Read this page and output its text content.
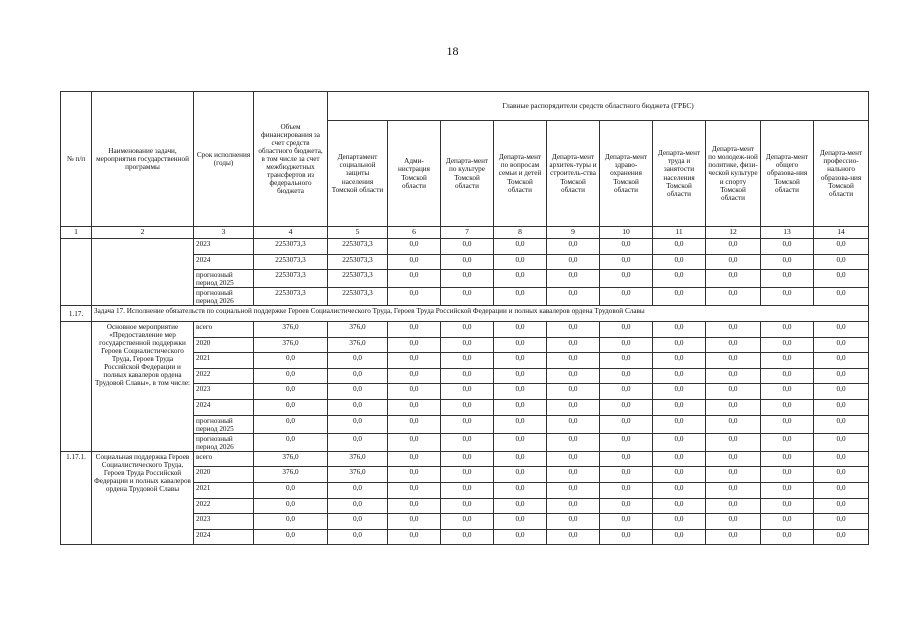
18
№ п/п	Наименование задачи, мероприятия государственной программы	Срок исполнения (годы)	Объем финансирования за счет средств областного бюджета, в том числе за счет межбюджетных трансфертов из федерального бюджета	Главные распорядители средств областного бюджета (ГРБС)									
				Департамент социальной защиты населения Томской области	Адми-нистрация Томской области	Департа-мент по культуре Томской области	Департа-мент по вопросам семьи и детей Томской области	Департа-мент архитек-туры и строитель-ства Томской области	Департа-мент здраво-охранения Томской области	Департа-мент труда и занятости населения Томской области	Департа-мент по молодеж-ной политике, физи-ческой культуре и спорту Томской области	Департа-мент общего образова-ния Томской области	Департа-мент профессио-нального образова-ния Томской области
1	2	3	4	5	6	7	8	9	10	11	12	13	14
		2023	2253073,3	2253073,3	0,0	0,0	0,0	0,0	0,0	0,0	0,0	0,0	0,0
		2024	2253073,3	2253073,3	0,0	0,0	0,0	0,0	0,0	0,0	0,0	0,0	0,0
		прогнозный период 2025	2253073,3	2253073,3	0,0	0,0	0,0	0,0	0,0	0,0	0,0	0,0	0,0
		прогнозный период 2026	2253073,3	2253073,3	0,0	0,0	0,0	0,0	0,0	0,0	0,0	0,0	0,0
1.17.	Задача 17. Исполнение обязательств по социальной поддержке Героев Социалистического Труда, Героев Труда Российской Федерации и полных кавалеров ордена Трудовой Славы												
	Основное мероприятие «Предоставление мер государственной поддержки Героев Социалистического Труда, Героев Труда Российской Федерации и полных кавалеров ордена Трудовой Славы», в том числе:	всего	376,0	376,0	0,0	0,0	0,0	0,0	0,0	0,0	0,0	0,0	0,0
		2020	376,0	376,0	0,0	0,0	0,0	0,0	0,0	0,0	0,0	0,0	0,0
		2021	0,0	0,0	0,0	0,0	0,0	0,0	0,0	0,0	0,0	0,0	0,0
		2022	0,0	0,0	0,0	0,0	0,0	0,0	0,0	0,0	0,0	0,0	0,0
		2023	0,0	0,0	0,0	0,0	0,0	0,0	0,0	0,0	0,0	0,0	0,0
		2024	0,0	0,0	0,0	0,0	0,0	0,0	0,0	0,0	0,0	0,0	0,0
		прогнозный период 2025	0,0	0,0	0,0	0,0	0,0	0,0	0,0	0,0	0,0	0,0	0,0
		прогнозный период 2026	0,0	0,0	0,0	0,0	0,0	0,0	0,0	0,0	0,0	0,0	0,0
1.17.1.	Социальная поддержка Героев Социалистического Труда, Героев Труда Российской Федерации и полных кавалеров ордена Трудовой Славы	всего	376,0	376,0	0,0	0,0	0,0	0,0	0,0	0,0	0,0	0,0	0,0
		2020	376,0	376,0	0,0	0,0	0,0	0,0	0,0	0,0	0,0	0,0	0,0
		2021	0,0	0,0	0,0	0,0	0,0	0,0	0,0	0,0	0,0	0,0	0,0
		2022	0,0	0,0	0,0	0,0	0,0	0,0	0,0	0,0	0,0	0,0	0,0
		2023	0,0	0,0	0,0	0,0	0,0	0,0	0,0	0,0	0,0	0,0	0,0
		2024	0,0	0,0	0,0	0,0	0,0	0,0	0,0	0,0	0,0	0,0	0,0
